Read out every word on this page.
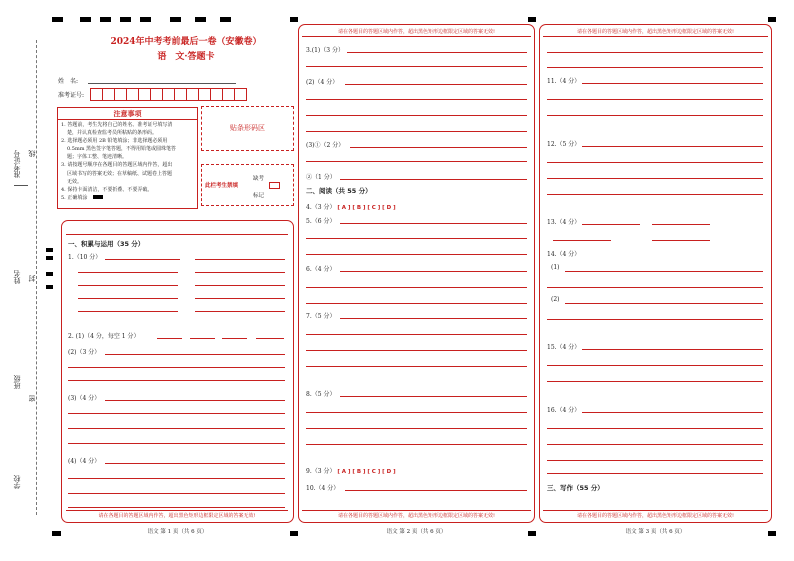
准考证号
姓名
班级
学校
线
封
密
2024年中考考前最后一卷（安徽卷）
语　文·答题卡
姓　名:
准考证号:
注意事项
1. 答题前，考生先将自己的姓名、准考证号填写清
楚，并认真检查监考员所粘贴的条形码。
2. 选择题必须用 2B 铅笔填涂；非选择题必须用
0.5mm 黑色签字笔答题，不得用铅笔或圆珠笔答
题；字体工整、笔迹清晰。
3. 请按题号顺序在各题目的答题区域内作答，超出
区域书写的答案无效；在草稿纸、试题卷上答题
无效。
4. 保持卡面清洁，不要折叠、不要弄破。
5. 正确填涂
贴条形码区
此栏考生禁填
缺考
标记
一、积累与运用（35 分）
1.（10 分）
2. (1)（4 分，每空 1 分）
(2)（3 分）
(3)（4 分）
(4)（4 分）
请在各题目的答题区域内作答，超出黑色矩形边框限定区域的答案无效!
语文 第 1 页（共 6 页）
请在各题目的答题区域内作答，超出黑色矩形边框限定区域的答案无效!
3.(1)（3 分）
(2)（4 分）
(3)①（2 分）
②（1 分）
二、阅读（共 55 分）
4.（3 分） [ A ] [ B ] [ C ] [ D ]
5.（6 分）
6.（4 分）
7.（5 分）
8.（5 分）
9.（3 分） [ A ] [ B ] [ C ] [ D ]
10.（4 分）
请在各题目的答题区域内作答，超出黑色矩形边框限定区域的答案无效!
语文 第 2 页（共 6 页）
请在各题目的答题区域内作答，超出黑色矩形边框限定区域的答案无效!
11.（4 分）
12.（5 分）
13.（4 分）
14.（4 分）
(1)
(2)
15.（4 分）
16.（4 分）
三、写作（55 分）
请在各题目的答题区域内作答，超出黑色矩形边框限定区域的答案无效!
语文 第 3 页（共 6 页）
